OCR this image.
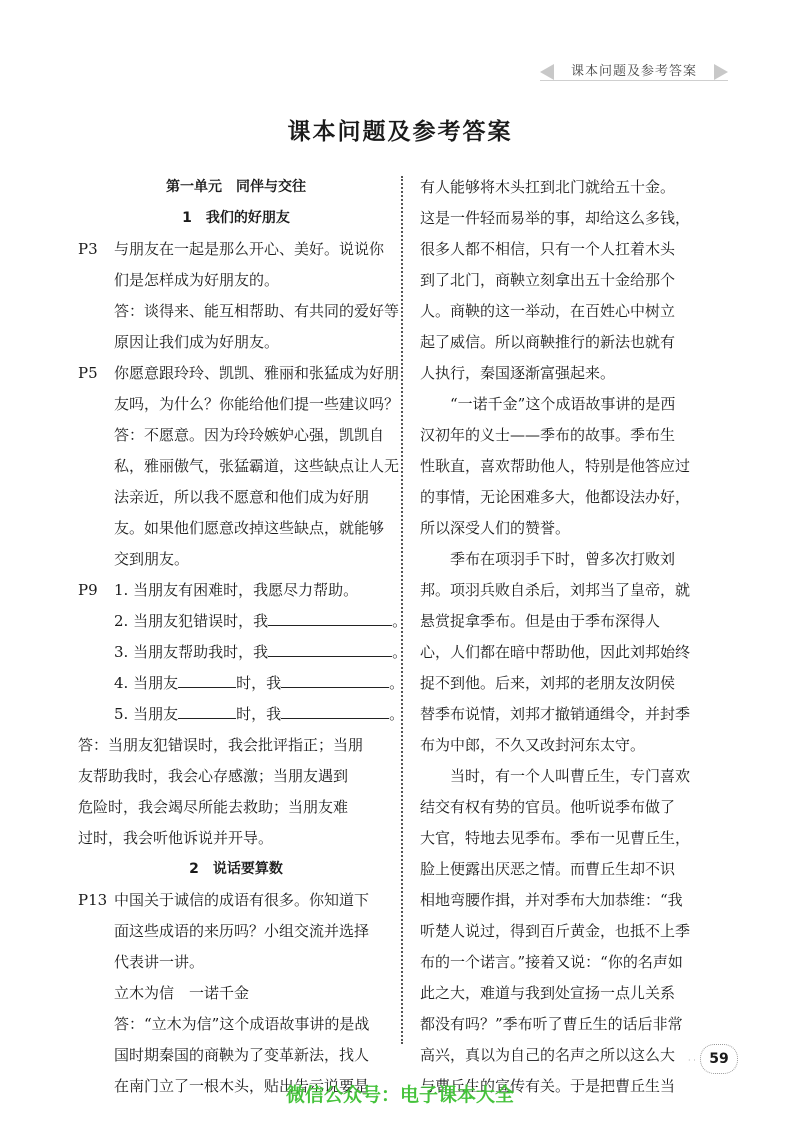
课本问题及参考答案
课本问题及参考答案
第一单元　同伴与交往
1　我们的好朋友
P3	与朋友在一起是那么开心、美好。说说你
们是怎样成为好朋友的。
答：谈得来、能互相帮助、有共同的爱好等
原因让我们成为好朋友。
P5	你愿意跟玲玲、凯凯、雅丽和张猛成为好朋
友吗，为什么？你能给他们提一些建议吗？
答：不愿意。因为玲玲嫉妒心强，凯凯自
私，雅丽傲气，张猛霸道，这些缺点让人无
法亲近，所以我不愿意和他们成为好朋
友。如果他们愿意改掉这些缺点，就能够
交到朋友。
P9	1. 当朋友有困难时，我愿尽力帮助。
2. 当朋友犯错误时，我	。
3. 当朋友帮助我时，我	。
4. 当朋友	时，我	。
5. 当朋友	时，我	。
答：当朋友犯错误时，我会批评指正；当朋
友帮助我时，我会心存感激；当朋友遇到
危险时，我会竭尽所能去救助；当朋友难
过时，我会听他诉说并开导。
2　说话要算数
P13 中国关于诚信的成语有很多。你知道下
面这些成语的来历吗？小组交流并选择
代表讲一讲。
立木为信　一诺千金
答：“立木为信”这个成语故事讲的是战
国时期秦国的商鞅为了变革新法，找人
在南门立了一根木头，贴出告示说要是
有人能够将木头扛到北门就给五十金。
这是一件轻而易举的事，却给这么多钱，
很多人都不相信，只有一个人扛着木头
到了北门，商鞅立刻拿出五十金给那个
人。商鞅的这一举动，在百姓心中树立
起了威信。所以商鞅推行的新法也就有
人执行，秦国逐渐富强起来。
“一诺千金”这个成语故事讲的是西
汉初年的义士——季布的故事。季布生
性耿直，喜欢帮助他人，特别是他答应过
的事情，无论困难多大，他都设法办好，
所以深受人们的赞誉。
季布在项羽手下时，曾多次打败刘
邦。项羽兵败自杀后，刘邦当了皇帝，就
悬赏捉拿季布。但是由于季布深得人
心，人们都在暗中帮助他，因此刘邦始终
捉不到他。后来，刘邦的老朋友汝阴侯
替季布说情，刘邦才撤销通缉令，并封季
布为中郎，不久又改封河东太守。
当时，有一个人叫曹丘生，专门喜欢
结交有权有势的官员。他听说季布做了
大官，特地去见季布。季布一见曹丘生，
脸上便露出厌恶之情。而曹丘生却不识
相地弯腰作揖，并对季布大加恭维：“我
听楚人说过，得到百斤黄金，也抵不上季
布的一个诺言。”接着又说：“你的名声如
此之大，难道与我到处宣扬一点儿关系
都没有吗？”季布听了曹丘生的话后非常
高兴，真以为自己的名声之所以这么大
与曹丘生的宣传有关。于是把曹丘生当
· · 59
微信公众号：电子课本大全
